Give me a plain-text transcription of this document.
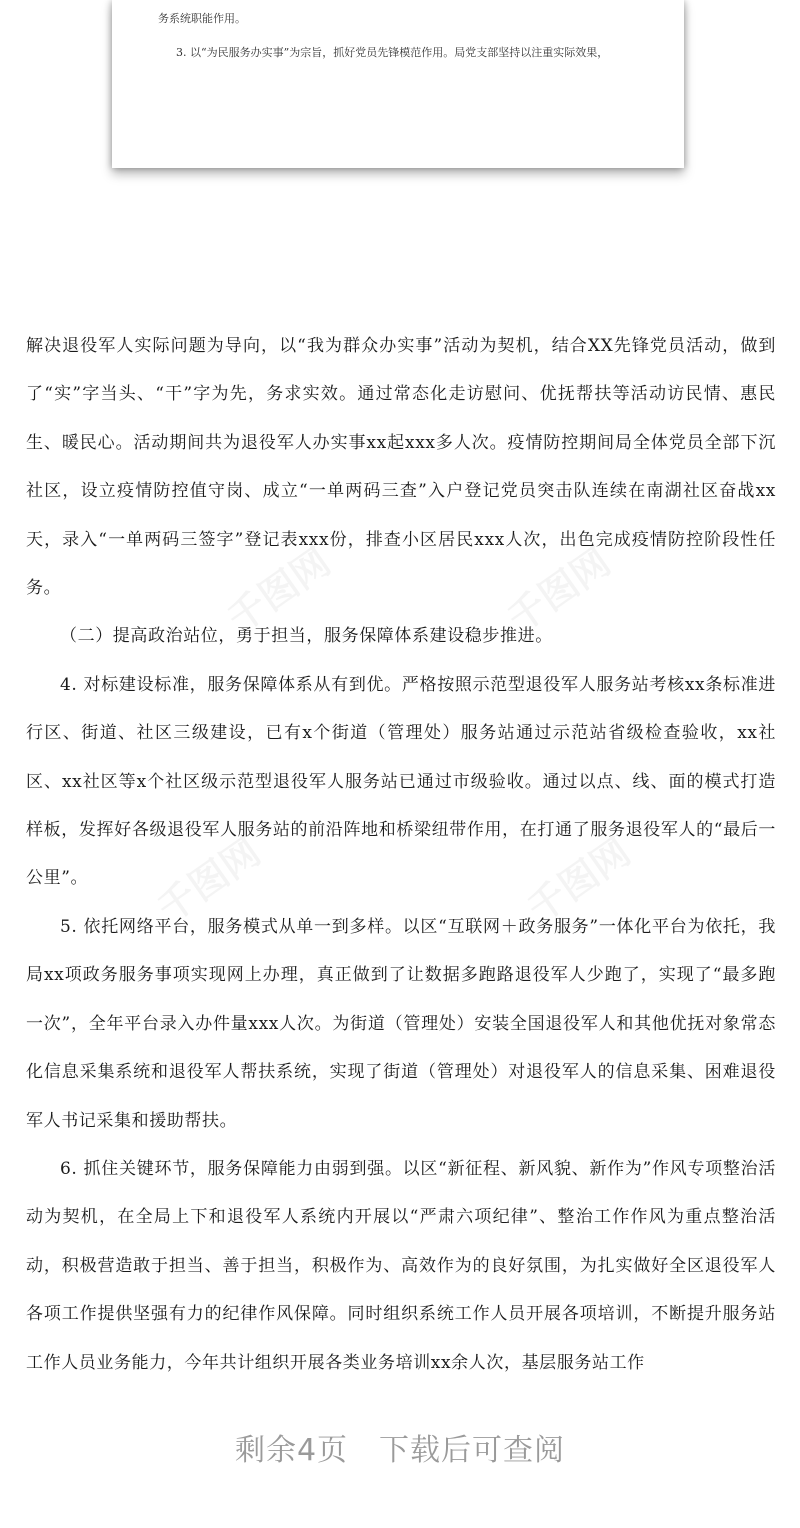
务系统职能作用。
3. 以“为民服务办实事”为宗旨，抓好党员先锋模范作用。局党支部坚持以注重实际效果，

解决退役军人实际问题为导向，以“我为群众办实事”活动为契机，结合XX先锋党员活动，做到了“实”字当头、“干”字为先，务求实效。通过常态化走访慰问、优抚帮扶等活动访民情、惠民生、暖民心。活动期间共为退役军人办实事xx起xxx多人次。疫情防控期间局全体党员全部下沉社区，设立疫情防控值守岗、成立“一单两码三查”入户登记党员突击队连续在南湖社区奋战xx天，录入“一单两码三签字”登记表xxx份，排查小区居民xxx人次，出色完成疫情防控阶段性任务。

（二）提高政治站位，勇于担当，服务保障体系建设稳步推进。

4. 对标建设标准，服务保障体系从有到优。严格按照示范型退役军人服务站考核xx条标准进行区、街道、社区三级建设，已有x个街道（管理处）服务站通过示范站省级检查验收，xx社区、xx社区等x个社区级示范型退役军人服务站已通过市级验收。通过以点、线、面的模式打造样板，发挥好各级退役军人服务站的前沿阵地和桥梁纽带作用，在打通了服务退役军人的“最后一公里”。

5. 依托网络平台，服务模式从单一到多样。以区“互联网＋政务服务”一体化平台为依托，我局xx项政务服务事项实现网上办理，真正做到了让数据多跑路退役军人少跑了，实现了“最多跑一次”，全年平台录入办件量xxx人次。为街道（管理处）安装全国退役军人和其他优抚对象常态化信息采集系统和退役军人帮扶系统，实现了街道（管理处）对退役军人的信息采集、困难退役军人书记采集和援助帮扶。

6. 抓住关键环节，服务保障能力由弱到强。以区“新征程、新风貌、新作为”作风专项整治活动为契机，在全局上下和退役军人系统内开展以“严肃六项纪律”、整治工作作风为重点整治活动，积极营造敢于担当、善于担当，积极作为、高效作为的良好氛围，为扎实做好全区退役军人各项工作提供坚强有力的纪律作风保障。同时组织系统工作人员开展各项培训，不断提升服务站工作人员业务能力，今年共计组织开展各类业务培训xx余人次，基层服务站工作

剩余4页　下载后可查阅
